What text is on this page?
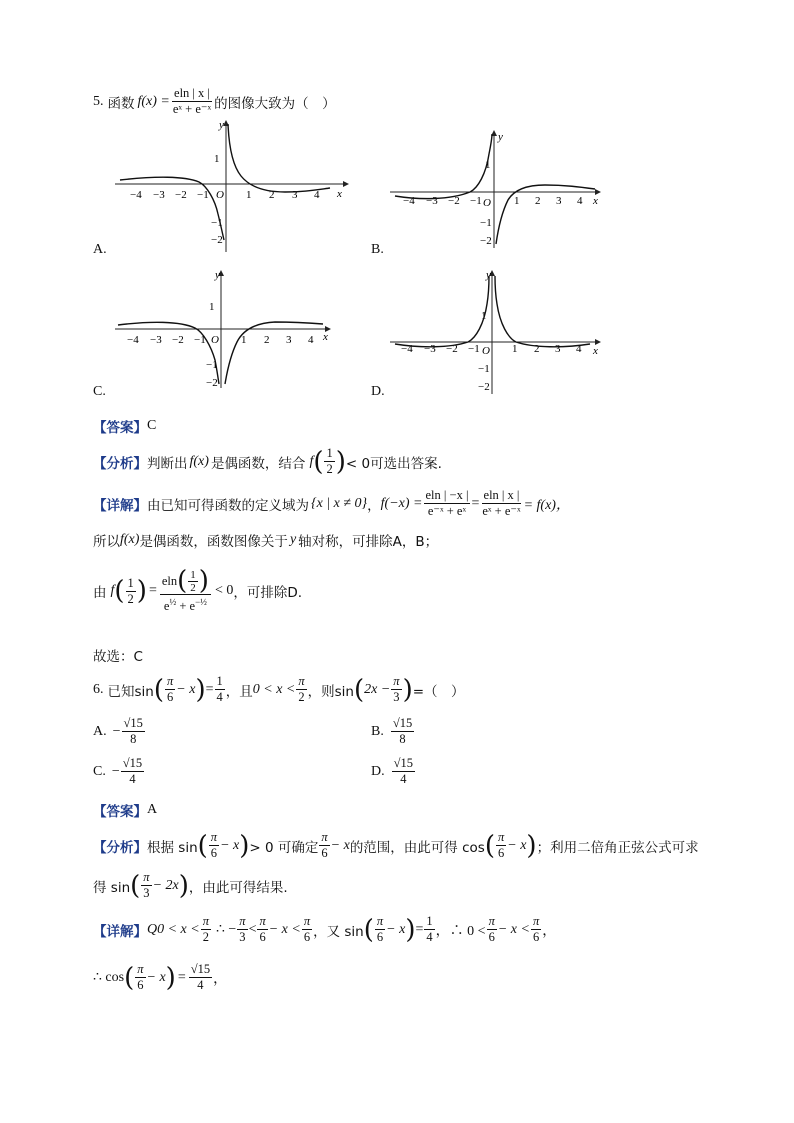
5. 函数 $f(x) = \frac{eln | x |}{\text{eˣ + e⁻ˣ}}$ 的图像大致为（　）
y
x
O
−4 −3 −2 −1	1 2 3 4
1
−1
−2
A.
y
x
O
−4 −3 −2 −1	1 2 3 4
1
−1
−2
B.
y
x
O
−4 −3 −2 −1	1 2 3 4
1
−1
−2
C.
y
x
O
−4 −3 −2 −1	1 2 3 4
1
−1
−2
D.
【答案】 C
【分析】 判断出 f(x) 是偶函数，结合 f ( $\frac{1}{2}$ ) < 0可选出答案.
【详解】 由已知可得函数的定义域为 {x | x ≠ 0} ， $f(-x) = \frac{eln | -x |}{\text{e⁻ˣ + eˣ}} = \frac{eln | x |}{\text{eˣ + e⁻ˣ}} = f(x)$，
所以 f(x) 是偶函数，函数图像关于 y 轴对称，可排除A，B；
由 f ( $\frac{1}{2}$ ) = $\frac{eln ( \frac{1}{2} )}{e^{\frac{1}{2}} + e^{-\frac{1}{2}}} < 0$ ，可排除D.
故选：C
6. 已知sin ( $\frac{\pi}{6} - x$ ) = $\frac{1}{4}$ ，且 $0 < x < \frac{\pi}{2}$ ，则sin ( $2x - \frac{\pi}{3}$ ) =（　）
A. − $\frac{√15}{8}$	B. $\frac{√15}{8}$
C. − $\frac{√15}{4}$	D. $\frac{√15}{4}$
【答案】 A
【分析】 根据 sin ( $\frac{\pi}{6} - x$ ) > 0 可确定 $\frac{\pi}{6} - x$ 的范围，由此可得 cos ( $\frac{\pi}{6} - x$ ) ；利用二倍角正弦公式可求
得 sin ( $\frac{\pi}{3} - 2x$ ) ，由此可得结果.
【详解】 $Q0 < x < \frac{\pi}{2}$ ∴ − $\frac{\pi}{3} < \frac{\pi}{6} - x < \frac{\pi}{6}$ ，又 sin ( $\frac{\pi}{6} - x$ ) = $\frac{1}{4}$ ，∴ $0 < \frac{\pi}{6} - x < \frac{\pi}{6}$ ，
∴ cos ( $\frac{\pi}{6} - x$ ) = $\frac{√15}{4}$ ，
